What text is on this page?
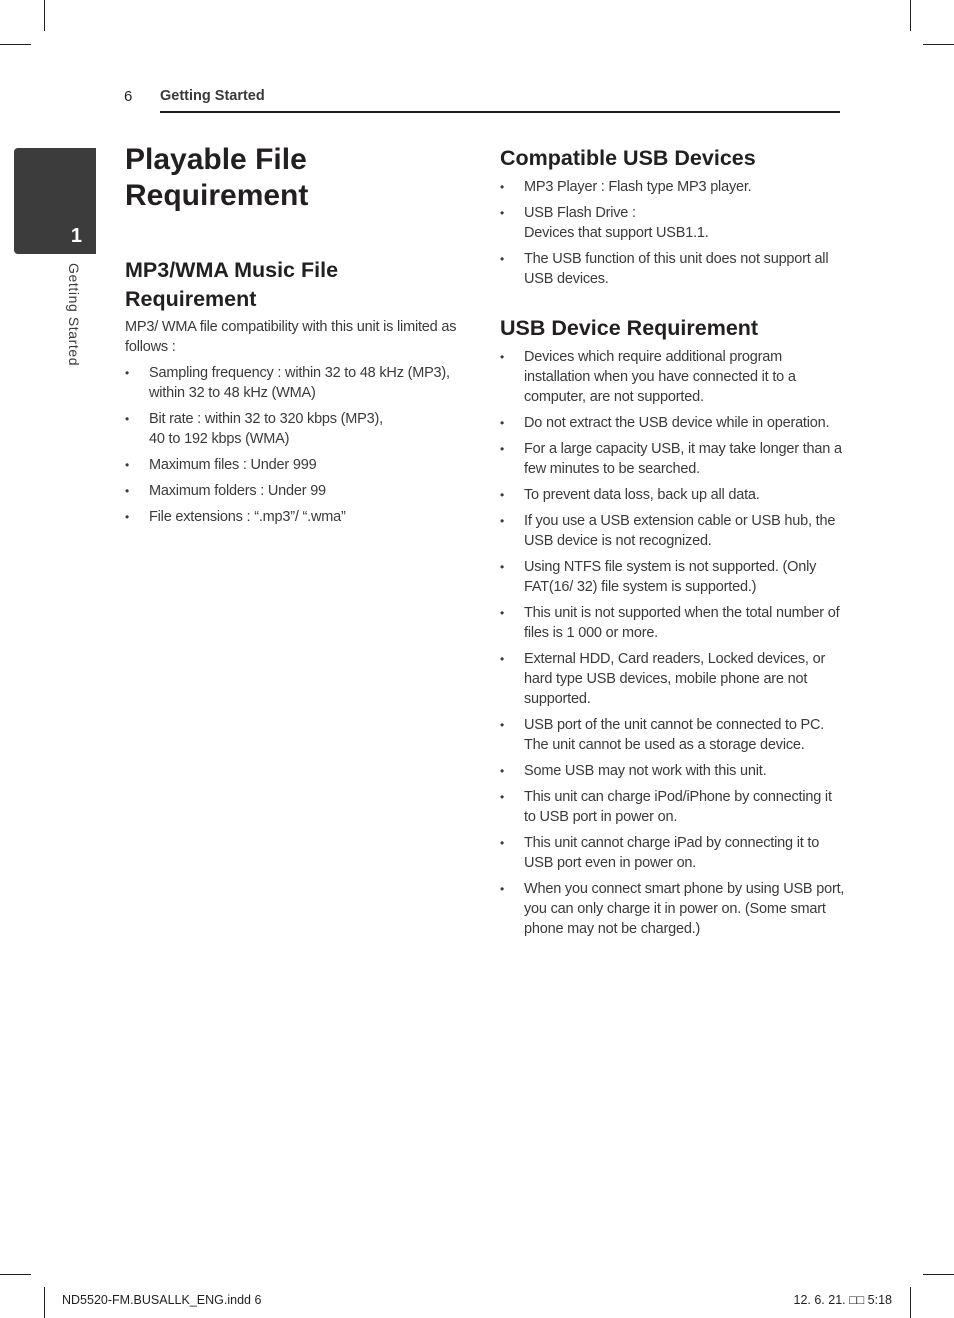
6 Getting Started
1
Getting Started
Playable File Requirement
MP3/WMA Music File Requirement

MP3/ WMA file compatibility with this unit is limited as follows :

• Sampling frequency : within 32 to 48 kHz (MP3), within 32 to 48 kHz (WMA)
• Bit rate : within 32 to 320 kbps (MP3),
40 to 192 kbps (WMA)
• Maximum files : Under 999
• Maximum folders : Under 99
• File extensions : “.mp3”/ “.wma”
Compatible USB Devices
• MP3 Player : Flash type MP3 player.
• USB Flash Drive :
Devices that support USB1.1.
• The USB function of this unit does not support all USB devices.
USB Device Requirement
• Devices which require additional program installation when you have connected it to a computer, are not supported.
• Do not extract the USB device while in operation.
• For a large capacity USB, it may take longer than a few minutes to be searched.
• To prevent data loss, back up all data.
• If you use a USB extension cable or USB hub, the USB device is not recognized.
• Using NTFS file system is not supported. (Only FAT(16/ 32) file system is supported.)
• This unit is not supported when the total number of files is 1 000 or more.
• External HDD, Card readers, Locked devices, or hard type USB devices, mobile phone are not supported.
• USB port of the unit cannot be connected to PC. The unit cannot be used as a storage device.
• Some USB may not work with this unit.
• This unit can charge iPod/iPhone by connecting it to USB port in power on.
• This unit cannot charge iPad by connecting it to USB port even in power on.
• When you connect smart phone by using USB port, you can only charge it in power on. (Some smart phone may not be charged.)
ND5520-FM.BUSALLK_ENG.indd 6	12. 6. 21. □□ 5:18
